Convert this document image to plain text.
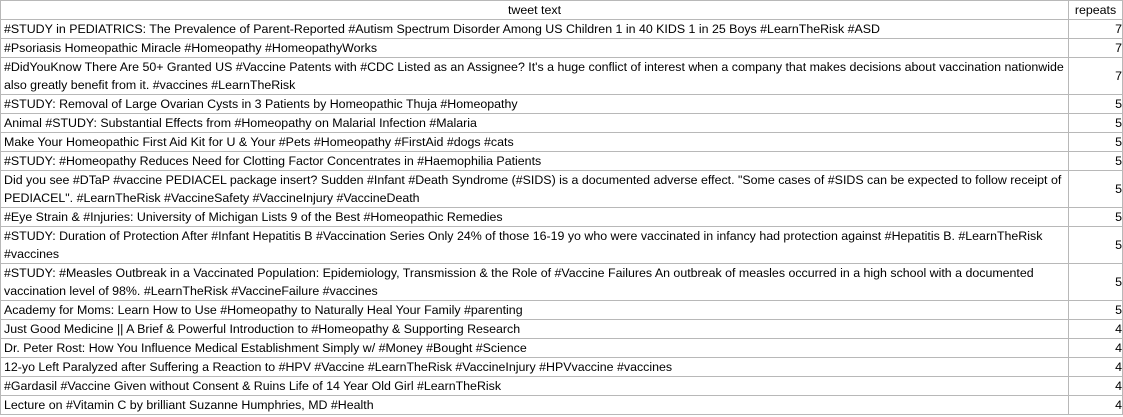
tweet text	repeats
#STUDY in PEDIATRICS: The Prevalence of Parent-Reported #Autism Spectrum Disorder Among US Children 1 in 40 KIDS 1 in 25 Boys #LearnTheRisk #ASD	7
#Psoriasis Homeopathic Miracle #Homeopathy #HomeopathyWorks	7
#DidYouKnow There Are 50+ Granted US #Vaccine Patents with #CDC Listed as an Assignee? It's a huge conflict of interest when a company that makes decisions about vaccination nationwide also greatly benefit from it. #vaccines #LearnTheRisk	7
#STUDY: Removal of Large Ovarian Cysts in 3 Patients by Homeopathic Thuja #Homeopathy	5
Animal #STUDY: Substantial Effects from #Homeopathy on Malarial Infection #Malaria	5
Make Your Homeopathic First Aid Kit for U & Your #Pets #Homeopathy #FirstAid #dogs #cats	5
#STUDY: #Homeopathy Reduces Need for Clotting Factor Concentrates in #Haemophilia Patients	5
Did you see #DTaP #vaccine PEDIACEL package insert? Sudden #Infant #Death Syndrome (#SIDS) is a documented adverse effect. "Some cases of #SIDS can be expected to follow receipt of PEDIACEL". #LearnTheRisk #VaccineSafety #VaccineInjury #VaccineDeath	5
#Eye Strain & #Injuries: University of Michigan Lists 9 of the Best #Homeopathic Remedies	5
#STUDY: Duration of Protection After #Infant Hepatitis B #Vaccination Series Only 24% of those 16-19 yo who were vaccinated in infancy had protection against #Hepatitis B. #LearnTheRisk #vaccines	5
#STUDY: #Measles Outbreak in a Vaccinated Population: Epidemiology, Transmission & the Role of #Vaccine Failures An outbreak of measles occurred in a high school with a documented vaccination level of 98%. #LearnTheRisk #VaccineFailure #vaccines	5
Academy for Moms: Learn How to Use #Homeopathy to Naturally Heal Your Family #parenting	5
Just Good Medicine || A Brief & Powerful Introduction to #Homeopathy & Supporting Research	4
Dr. Peter Rost: How You Influence Medical Establishment Simply w/ #Money #Bought #Science	4
12-yo Left Paralyzed after Suffering a Reaction to #HPV #Vaccine #LearnTheRisk #VaccineInjury #HPVvaccine #vaccines	4
#Gardasil #Vaccine Given without Consent & Ruins Life of 14 Year Old Girl #LearnTheRisk	4
Lecture on #Vitamin C by brilliant Suzanne Humphries, MD #Health	4
